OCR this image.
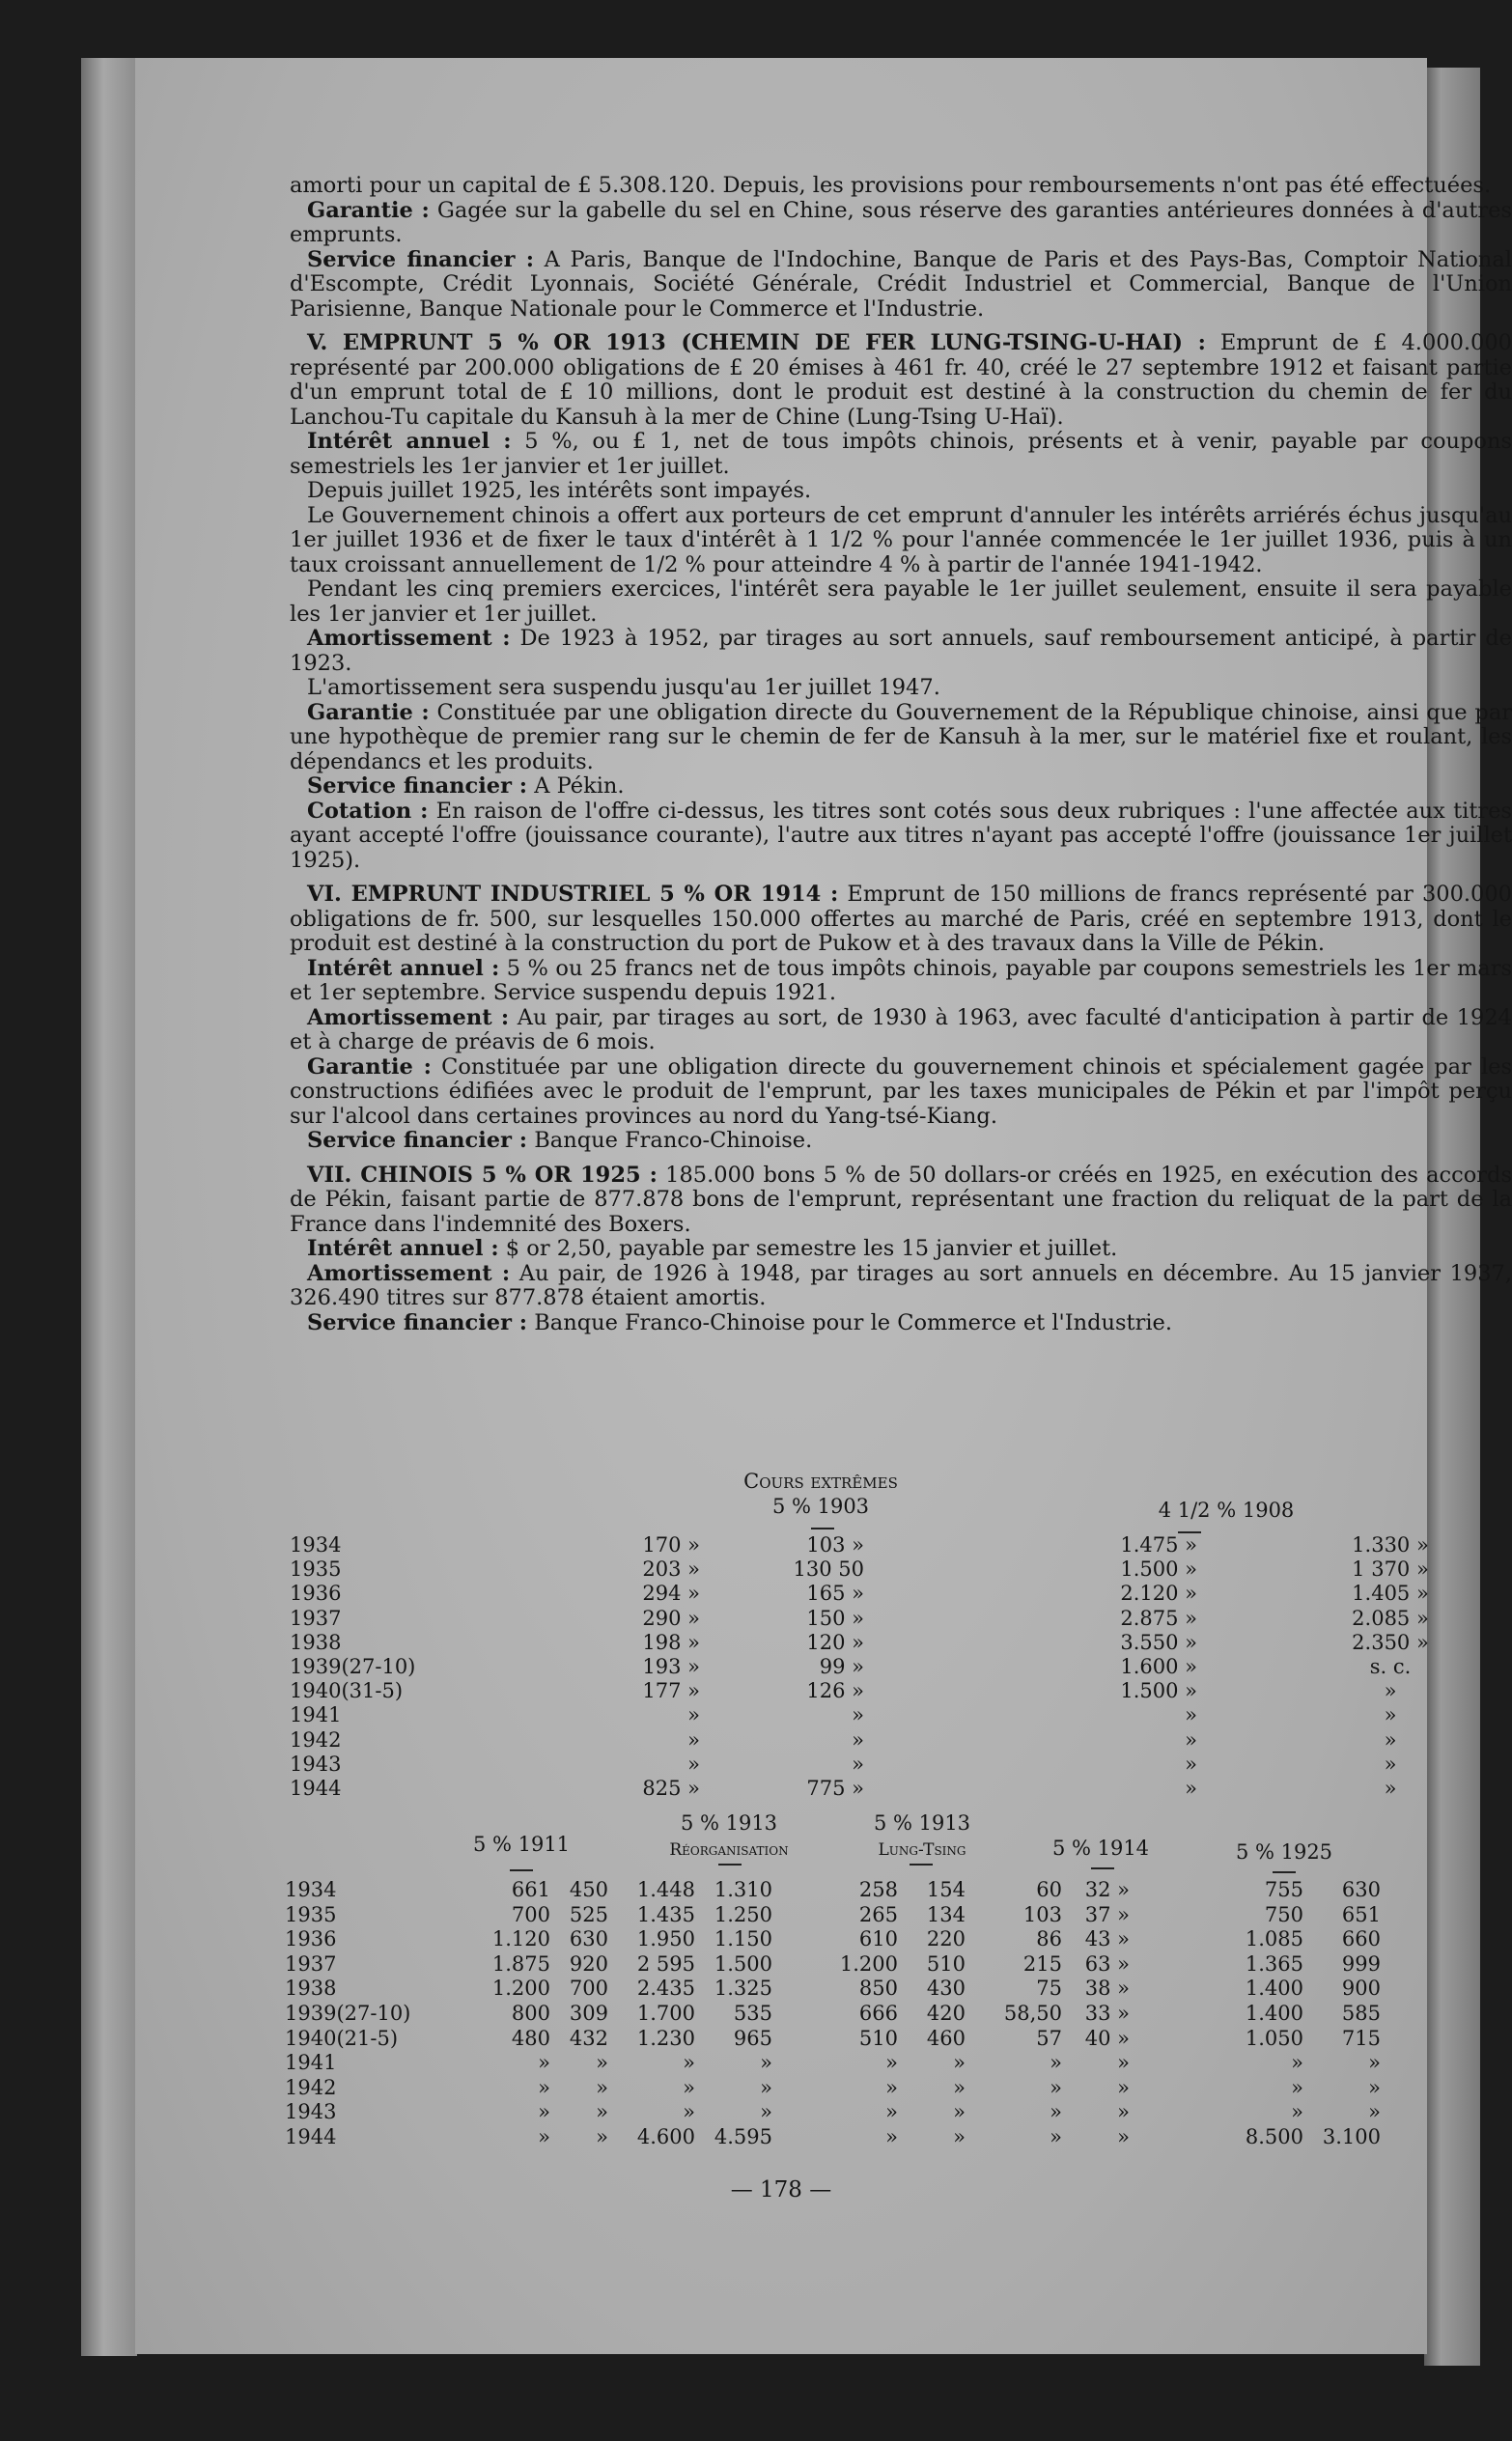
amorti pour un capital de £ 5.308.120. Depuis, les provisions pour remboursements n'ont pas été effectuées.

Garantie : Gagée sur la gabelle du sel en Chine, sous réserve des garanties antérieures données à d'autres emprunts.

Service financier : A Paris, Banque de l'Indochine, Banque de Paris et des Pays-Bas, Comptoir National d'Escompte, Crédit Lyonnais, Société Générale, Crédit Industriel et Commercial, Banque de l'Union Parisienne, Banque Nationale pour le Commerce et l'Industrie.

V. EMPRUNT 5 % OR 1913 (CHEMIN DE FER LUNG-TSING-U-HAI) : Emprunt de £ 4.000.000 représenté par 200.000 obligations de £ 20 émises à 461 fr. 40, créé le 27 septembre 1912 et faisant partie d'un emprunt total de £ 10 millions, dont le produit est destiné à la construction du chemin de fer du Lanchou-Tu capitale du Kansuh à la mer de Chine (Lung-Tsing U-Haï).

Intérêt annuel : 5 %, ou £ 1, net de tous impôts chinois, présents et à venir, payable par coupons semestriels les 1er janvier et 1er juillet.

Depuis juillet 1925, les intérêts sont impayés.

Le Gouvernement chinois a offert aux porteurs de cet emprunt d'annuler les intérêts arriérés échus jusqu'au 1er juillet 1936 et de fixer le taux d'intérêt à 1 1/2 % pour l'année commencée le 1er juillet 1936, puis à un taux croissant annuellement de 1/2 % pour atteindre 4 % à partir de l'année 1941-1942.

Pendant les cinq premiers exercices, l'intérêt sera payable le 1er juillet seulement, ensuite il sera payable les 1er janvier et 1er juillet.

Amortissement : De 1923 à 1952, par tirages au sort annuels, sauf remboursement anticipé, à partir de 1923.

L'amortissement sera suspendu jusqu'au 1er juillet 1947.

Garantie : Constituée par une obligation directe du Gouvernement de la République chinoise, ainsi que par une hypothèque de premier rang sur le chemin de fer de Kansuh à la mer, sur le matériel fixe et roulant, les dépendancs et les produits.

Service financier : A Pékin.

Cotation : En raison de l'offre ci-dessus, les titres sont cotés sous deux rubriques : l'une affectée aux titres ayant accepté l'offre (jouissance courante), l'autre aux titres n'ayant pas accepté l'offre (jouissance 1er juillet 1925).

VI. EMPRUNT INDUSTRIEL 5 % OR 1914 : Emprunt de 150 millions de francs représenté par 300.000 obligations de fr. 500, sur lesquelles 150.000 offertes au marché de Paris, créé en septembre 1913, dont le produit est destiné à la construction du port de Pukow et à des travaux dans la Ville de Pékin.

Intérêt annuel : 5 % ou 25 francs net de tous impôts chinois, payable par coupons semestriels les 1er mars et 1er septembre. Service suspendu depuis 1921.

Amortissement : Au pair, par tirages au sort, de 1930 à 1963, avec faculté d'anticipation à partir de 1924 et à charge de préavis de 6 mois.

Garantie : Constituée par une obligation directe du gouvernement chinois et spécialement gagée par les constructions édifiées avec le produit de l'emprunt, par les taxes municipales de Pékin et par l'impôt perçu sur l'alcool dans certaines provinces au nord du Yang-tsé-Kiang.

Service financier : Banque Franco-Chinoise.

VII. CHINOIS 5 % OR 1925 : 185.000 bons 5 % de 50 dollars-or créés en 1925, en exécution des accords de Pékin, faisant partie de 877.878 bons de l'emprunt, représentant une fraction du reliquat de la part de la France dans l'indemnité des Boxers.

Intérêt annuel : $ or 2,50, payable par semestre les 15 janvier et juillet.

Amortissement : Au pair, de 1926 à 1948, par tirages au sort annuels en décembre. Au 15 janvier 1937, 326.490 titres sur 877.878 étaient amortis.

Service financier : Banque Franco-Chinoise pour le Commerce et l'Industrie.

Cours extrêmes
5 % 1903	4 1/2 % 1908
1934	170 »	103 »	1.475 »	1.330 »
1935	203 »	130 50	1.500 »	1 370 »
1936	294 »	165 »	2.120 »	1.405 »
1937	290 »	150 »	2.875 »	2.085 »
1938	198 »	120 »	3.550 »	2.350 »
1939(27-10)	193 »	99 »	1.600 »	s. c.
1940(31-5)	177 »	126 »	1.500 »	»
1941	»	»	»	»
1942	»	»	»	»
1943	»	»	»	»
1944	825 »	775 »	»	»
5 % 1911
5 % 1913
Réorganisation
5 % 1913
Lung-Tsing	5 % 1914	5 % 1925
1934	661 450	1.448 1.310	258	154	60	32 »	755	630
1935	700 525	1.435 1.250	265	134	103	37 »	750	651
1936	1.120 630	1.950 1.150	610	220	86	43 »	1.085	660
1937	1.875 920	2 595 1.500	1.200	510	215	63 »	1.365	999
1938	1.200 700	2.435 1.325	850	430	75	38 »	1.400	900
1939(27-10)	800 309	1.700	535	666	420	58,50	33 »	1.400	585
1940(21-5)	480 432	1.230	965	510	460	57	40 »	1.050	715
1941	»	»	»	»	»	»	»	»	»	»
1942	»	»	»	»	»	»	»	»	»	»
1943	»	»	»	»	»	»	»	»	»	»
1944	»	»	4.600 4.595	»	»	»	»	8.500 3.100
— 178 —
